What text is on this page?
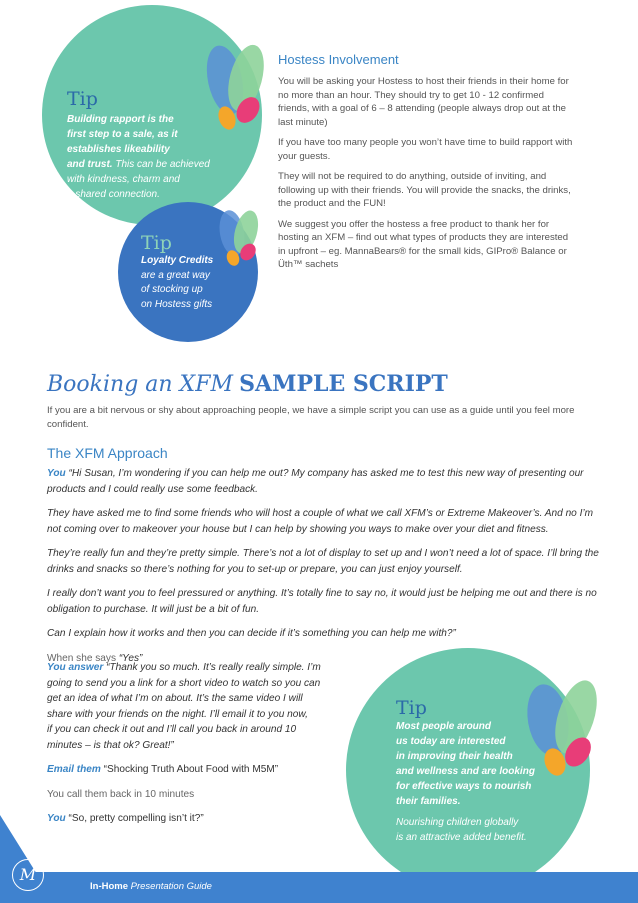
Tip
Building rapport is the
first step to a sale, as it
establishes likeability
and trust. This can be achieved
with kindness, charm and
a shared connection.
Tip
Loyalty Credits
are a great way
of stocking up
on Hostess gifts
Hostess Involvement

You will be asking your Hostess to host their friends in their home for no more than an hour. They should try to get 10 - 12 confirmed friends, with a goal of 6 – 8 attending (people always drop out at the last minute)

If you have too many people you won’t have time to build rapport with your guests.

They will not be required to do anything, outside of inviting, and following up with their friends. You will provide the snacks, the drinks, the product and the FUN!

We suggest you offer the hostess a free product to thank her for hosting an XFM – find out what types of products they are interested in upfront – eg. MannaBears® for the small kids, GIPro® Balance or Üth™ sachets

Booking an XFM SAMPLE SCRIPT
If you are a bit nervous or shy about approaching people, we have a simple script you can use as a guide until you feel more confident.
The XFM Approach

You “Hi Susan, I’m wondering if you can help me out? My company has asked me to test this new way of presenting our products and I could really use some feedback.

They have asked me to find some friends who will host a couple of what we call XFM’s or Extreme Makeover’s. And no I’m not coming over to makeover your house but I can help by showing you ways to make over your diet and fitness.

They’re really fun and they’re pretty simple. There’s not a lot of display to set up and I won’t need a lot of space. I’ll bring the drinks and snacks so there’s nothing for you to set-up or prepare, you can just enjoy yourself.

I really don’t want you to feel pressured or anything. It’s totally fine to say no, it would just be helping me out and there is no obligation to purchase. It will just be a bit of fun.

Can I explain how it works and then you can decide if it’s something you can help me with?”

When she says “Yes”

You answer “Thank you so much. It’s really really simple. I’m
going to send you a link for a short video to watch so you can
get an idea of what I’m on about. It’s the same video I will
share with your friends on the night. I’ll email it to you now,
if you can check it out and I’ll call you back in around 10
minutes – is that ok? Great!”

Email them “Shocking Truth About Food with M5M”

You call them back in 10 minutes

You “So, pretty compelling isn’t it?”

Tip
Most people around
us today are interested
in improving their health
and wellness and are looking
for effective ways to nourish
their families.
Nourishing children globally
is an attractive added benefit.
M
In-Home Presentation Guide
